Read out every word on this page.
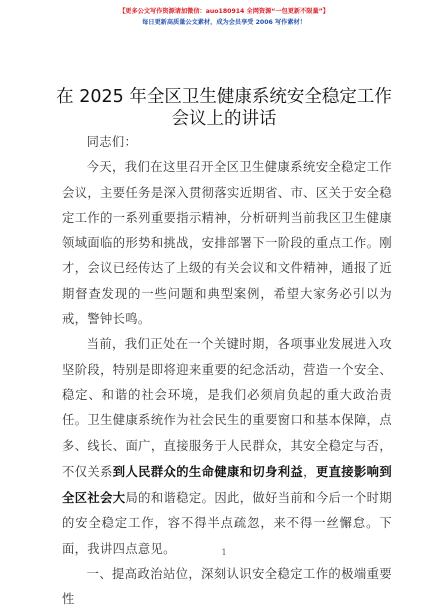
【更多公文写作资源请加微信：auo180914 全网资源“一包更新不限量”】
每日更新高质量公文素材，成为会员享受 2006 写作素材！
在 2025 年全区卫生健康系统安全稳定工作会议上的讲话

同志们：

今天，我们在这里召开全区卫生健康系统安全稳定工作会议，主要任务是深入贯彻落实近期省、市、区关于安全稳定工作的一系列重要指示精神，分析研判当前我区卫生健康领域面临的形势和挑战，安排部署下一阶段的重点工作。刚才，会议已经传达了上级的有关会议和文件精神，通报了近期督查发现的一些问题和典型案例，希望大家务必引以为戒，警钟长鸣。

当前，我们正处在一个关键时期，各项事业发展进入攻坚阶段，特别是即将迎来重要的纪念活动，营造一个安全、稳定、和谐的社会环境，是我们必须肩负起的重大政治责任。卫生健康系统作为社会民生的重要窗口和基本保障，点多、线长、面广，直接服务于人民群众，其安全稳定与否，不仅关系到人民群众的生命健康和切身利益，更直接影响到全区社会大局的和谐稳定。因此，做好当前和今后一个时期的安全稳定工作，容不得半点疏忽，来不得一丝懈怠。下面，我讲四点意见。

一、提高政治站位，深刻认识安全稳定工作的极端重要性

1
